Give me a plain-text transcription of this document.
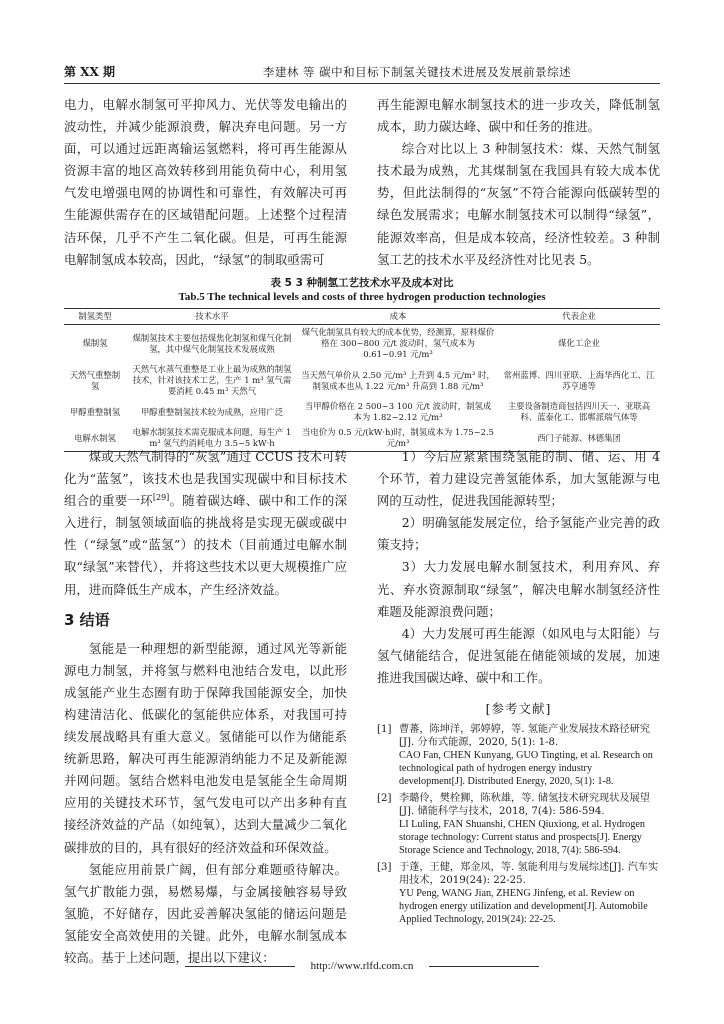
第 XX 期	李建林 等 碳中和目标下制氢关键技术进展及发展前景综述

电力，电解水制氢可平抑风力、光伏等发电输出的波动性，并减少能源浪费，解决弃电问题。另一方面，可以通过远距离输运氢燃料，将可再生能源从资源丰富的地区高效转移到用能负荷中心，利用氢气发电增强电网的协调性和可靠性，有效解决可再生能源供需存在的区域错配问题。上述整个过程清洁环保，几乎不产生二氧化碳。但是，可再生能源电解制氢成本较高，因此，“绿氢”的制取亟需可

再生能源电解水制氢技术的进一步攻关，降低制氢成本，助力碳达峰、碳中和任务的推进。

综合对比以上 3 种制氢技术：煤、天然气制氢技术最为成熟，尤其煤制氢在我国具有较大成本优势，但此法制得的“灰氢”不符合能源向低碳转型的绿色发展需求；电解水制氢技术可以制得“绿氢”，能源效率高，但是成本较高，经济性较差。3 种制氢工艺的技术水平及经济性对比见表 5。

表 5 3 种制氢工艺技术水平及成本对比
Tab.5 The technical levels and costs of three hydrogen production technologies
制氢类型	技术水平	成本	代表企业
煤制氢	煤制氢技术主要包括煤焦化制氢和煤气化制氢，其中煤气化制氢技术发展成熟	煤气化制氢具有较大的成本优势，经测算，原料煤价格在 300~800 元/t 波动时，氢气成本为 0.61~0.91 元/m³	煤化工企业
天然气重整制氢	天然气水蒸气重整是工业上最为成熟的制氢技术，针对该技术工艺，生产 1 m³ 氢气需要消耗 0.45 m³ 天然气	当天然气单价从 2.50 元/m³ 上升到 4.5 元/m³ 时，制氢成本也从 1.22 元/m³ 升高到 1.88 元/m³	常州蓝博、四川亚联、上海华西化工、江苏亨通等
甲醇重整制氢	甲醇重整制氢技术较为成熟，应用广泛	当甲醇价格在 2 500~3 100 元/t 波动时，制氢成本为 1.82~2.12 元/m³	主要设备制造商包括四川天一、亚联高科、蓝泰化工、邯郸派瑞气体等
电解水制氢	电解水制氢技术需克服成本问题，每生产 1 m³ 氢气约消耗电力 3.5~5 kW·h	当电价为 0.5 元/(kW·h)时，制氢成本为 1.75~2.5 元/m³	西门子能源、林德集团

煤或天然气制得的“灰氢”通过 CCUS 技术可转化为“蓝氢”，该技术也是我国实现碳中和目标技术组合的重要一环[29]。随着碳达峰、碳中和工作的深入进行，制氢领域面临的挑战将是实现无碳或碳中性（“绿氢”或“蓝氢”）的技术（目前通过电解水制取“绿氢”来替代），并将这些技术以更大规模推广应用，进而降低生产成本，产生经济效益。

3 结语

氢能是一种理想的新型能源，通过风光等新能源电力制氢，并将氢与燃料电池结合发电，以此形成氢能产业生态圈有助于保障我国能源安全，加快构建清洁化、低碳化的氢能供应体系，对我国可持续发展战略具有重大意义。氢储能可以作为储能系统新思路，解决可再生能源消纳能力不足及新能源并网问题。氢结合燃料电池发电是氢能全生命周期应用的关键技术环节，氢气发电可以产出多种有直接经济效益的产品（如纯氧），达到大量减少二氧化碳排放的目的，具有很好的经济效益和环保效益。

氢能应用前景广阔，但有部分难题亟待解决。氢气扩散能力强，易燃易爆，与金属接触容易导致氢脆，不好储存，因此妥善解决氢能的储运问题是氢能安全高效使用的关键。此外，电解水制氢成本较高。基于上述问题，提出以下建议：

1）今后应紧紧围绕氢能的制、储、运、用 4 个环节，着力建设完善氢能体系，加大氢能源与电网的互动性，促进我国能源转型；

2）明确氢能发展定位，给予氢能产业完善的政策支持；

3）大力发展电解水制氢技术，利用弃风、弃光、弃水资源制取“绿氢”，解决电解水制氢经济性难题及能源浪费问题；

4）大力发展可再生能源（如风电与太阳能）与氢气储能结合，促进氢能在储能领域的发展，加速推进我国碳达峰、碳中和工作。

[参考文献]
[1] 曹蕃，陈坤洋，郭婷婷，等. 氢能产业发展技术路径研究[J]. 分布式能源，2020, 5(1): 1-8.
CAO Fan, CHEN Kunyang, GUO Tingting, et al. Research on technological path of hydrogen energy industry development[J]. Distributed Energy, 2020, 5(1): 1-8.
[2] 李璐伶，樊栓狮，陈秋雄，等. 储氢技术研究现状及展望[J]. 储能科学与技术，2018, 7(4): 586-594.
LI Luling, FAN Shuanshi, CHEN Qiuxiong, et al. Hydrogen storage technology: Current status and prospects[J]. Energy Storage Science and Technology, 2018, 7(4): 586-594.
[3] 于蓬，王健，郑金凤，等. 氢能利用与发展综述[J]. 汽车实用技术，2019(24): 22-25.
YU Peng, WANG Jian, ZHENG Jinfeng, et al. Review on hydrogen energy utilization and development[J]. Automobile Applied Technology, 2019(24): 22-25.
http://www.rlfd.com.cn
